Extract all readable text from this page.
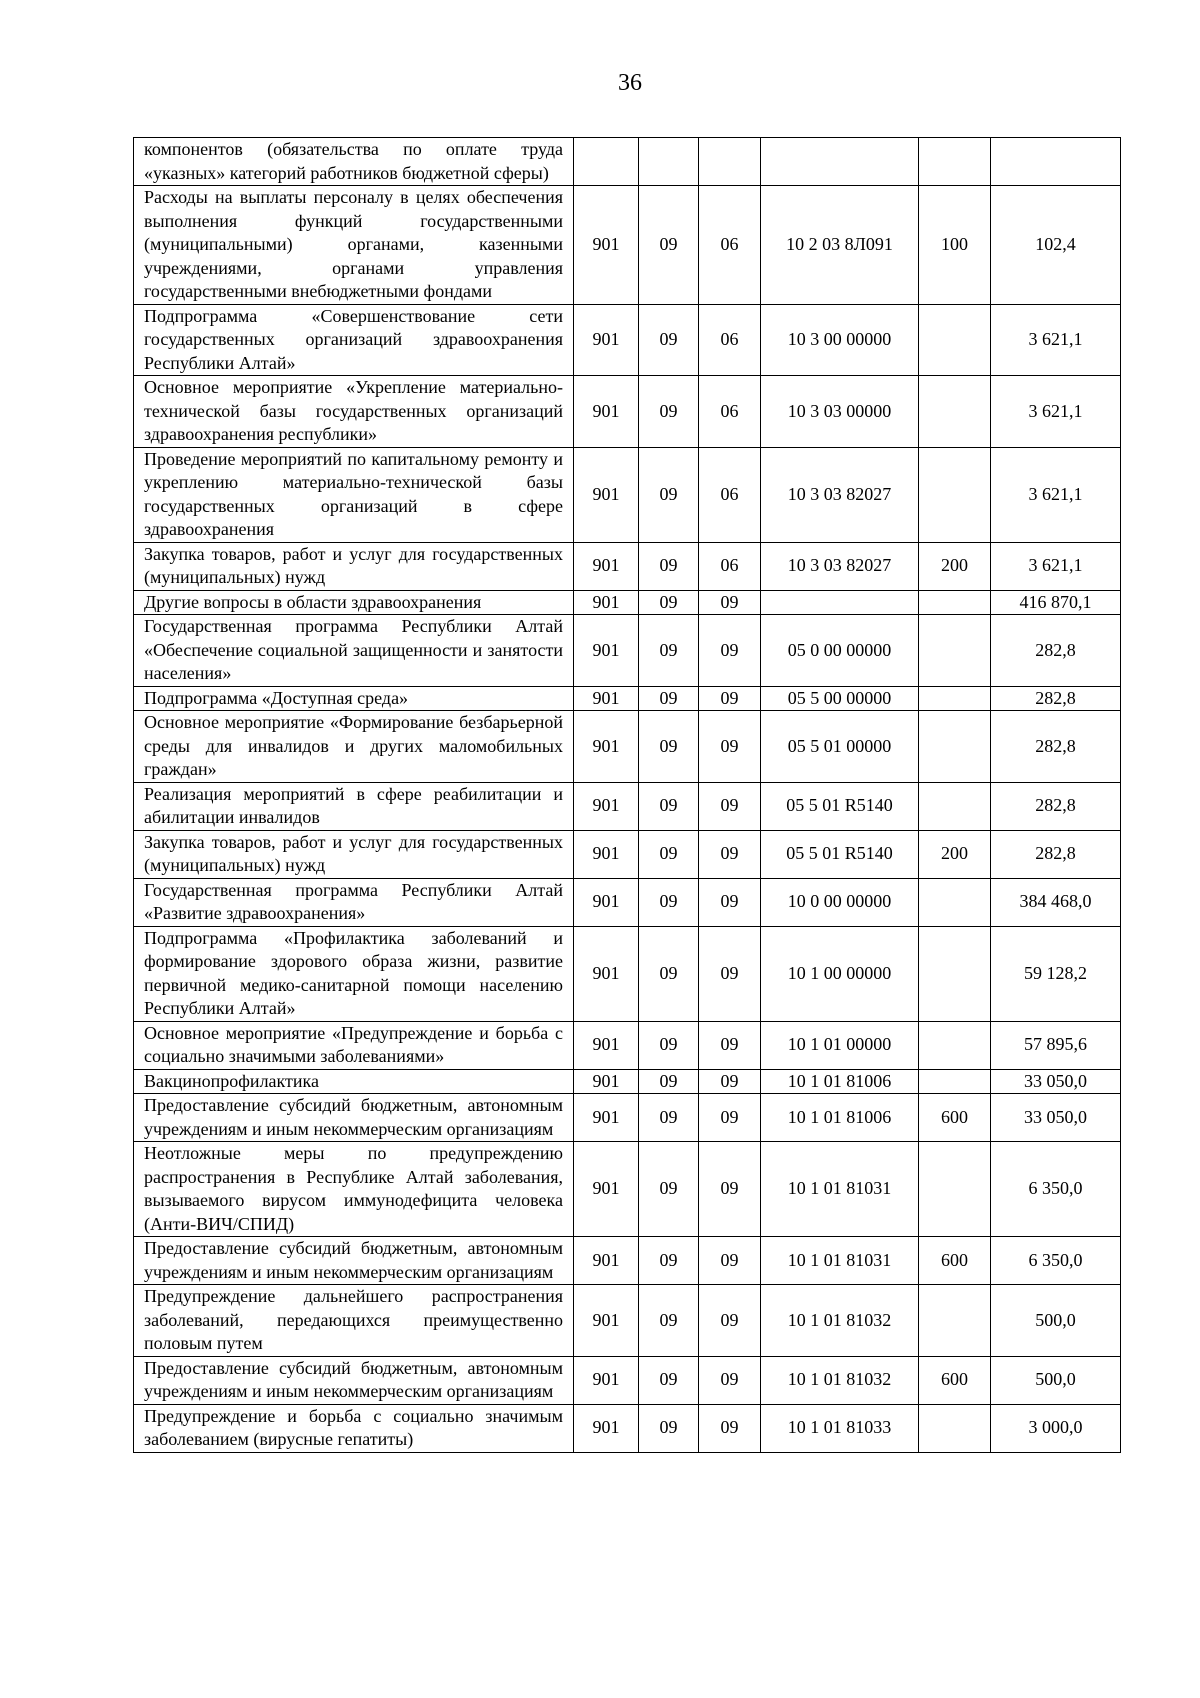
36
компонентов (обязательства по оплате труда «указных» категорий работников бюджетной сферы)						
Расходы на выплаты персоналу в целях обеспечения выполнения функций государственными (муниципальными) органами, казенными учреждениями, органами управления государственными внебюджетными фондами	901	09	06	10 2 03 8Л091	100	102,4
Подпрограмма «Совершенствование сети государственных организаций здравоохранения Республики Алтай»	901	09	06	10 3 00 00000		3 621,1
Основное мероприятие «Укрепление материально-технической базы государственных организаций здравоохранения республики»	901	09	06	10 3 03 00000		3 621,1
Проведение мероприятий по капитальному ремонту и укреплению материально-технической базы государственных организаций в сфере здравоохранения	901	09	06	10 3 03 82027		3 621,1
Закупка товаров, работ и услуг для государственных (муниципальных) нужд	901	09	06	10 3 03 82027	200	3 621,1
Другие вопросы в области здравоохранения	901	09	09			416 870,1
Государственная программа Республики Алтай «Обеспечение социальной защищенности и занятости населения»	901	09	09	05 0 00 00000		282,8
Подпрограмма «Доступная среда»	901	09	09	05 5 00 00000		282,8
Основное мероприятие «Формирование безбарьерной среды для инвалидов и других маломобильных граждан»	901	09	09	05 5 01 00000		282,8
Реализация мероприятий в сфере реабилитации и абилитации инвалидов	901	09	09	05 5 01 R5140		282,8
Закупка товаров, работ и услуг для государственных (муниципальных) нужд	901	09	09	05 5 01 R5140	200	282,8
Государственная программа Республики Алтай «Развитие здравоохранения»	901	09	09	10 0 00 00000		384 468,0
Подпрограмма «Профилактика заболеваний и формирование здорового образа жизни, развитие первичной медико-санитарной помощи населению Республики Алтай»	901	09	09	10 1 00 00000		59 128,2
Основное мероприятие «Предупреждение и борьба с социально значимыми заболеваниями»	901	09	09	10 1 01 00000		57 895,6
Вакцинопрофилактика	901	09	09	10 1 01 81006		33 050,0
Предоставление субсидий бюджетным, автономным учреждениям и иным некоммерческим организациям	901	09	09	10 1 01 81006	600	33 050,0
Неотложные меры по предупреждению распространения в Республике Алтай заболевания, вызываемого вирусом иммунодефицита человека (Анти-ВИЧ/СПИД)	901	09	09	10 1 01 81031		6 350,0
Предоставление субсидий бюджетным, автономным учреждениям и иным некоммерческим организациям	901	09	09	10 1 01 81031	600	6 350,0
Предупреждение дальнейшего распространения заболеваний, передающихся преимущественно половым путем	901	09	09	10 1 01 81032		500,0
Предоставление субсидий бюджетным, автономным учреждениям и иным некоммерческим организациям	901	09	09	10 1 01 81032	600	500,0
Предупреждение и борьба с социально значимым заболеванием (вирусные гепатиты)	901	09	09	10 1 01 81033		3 000,0
